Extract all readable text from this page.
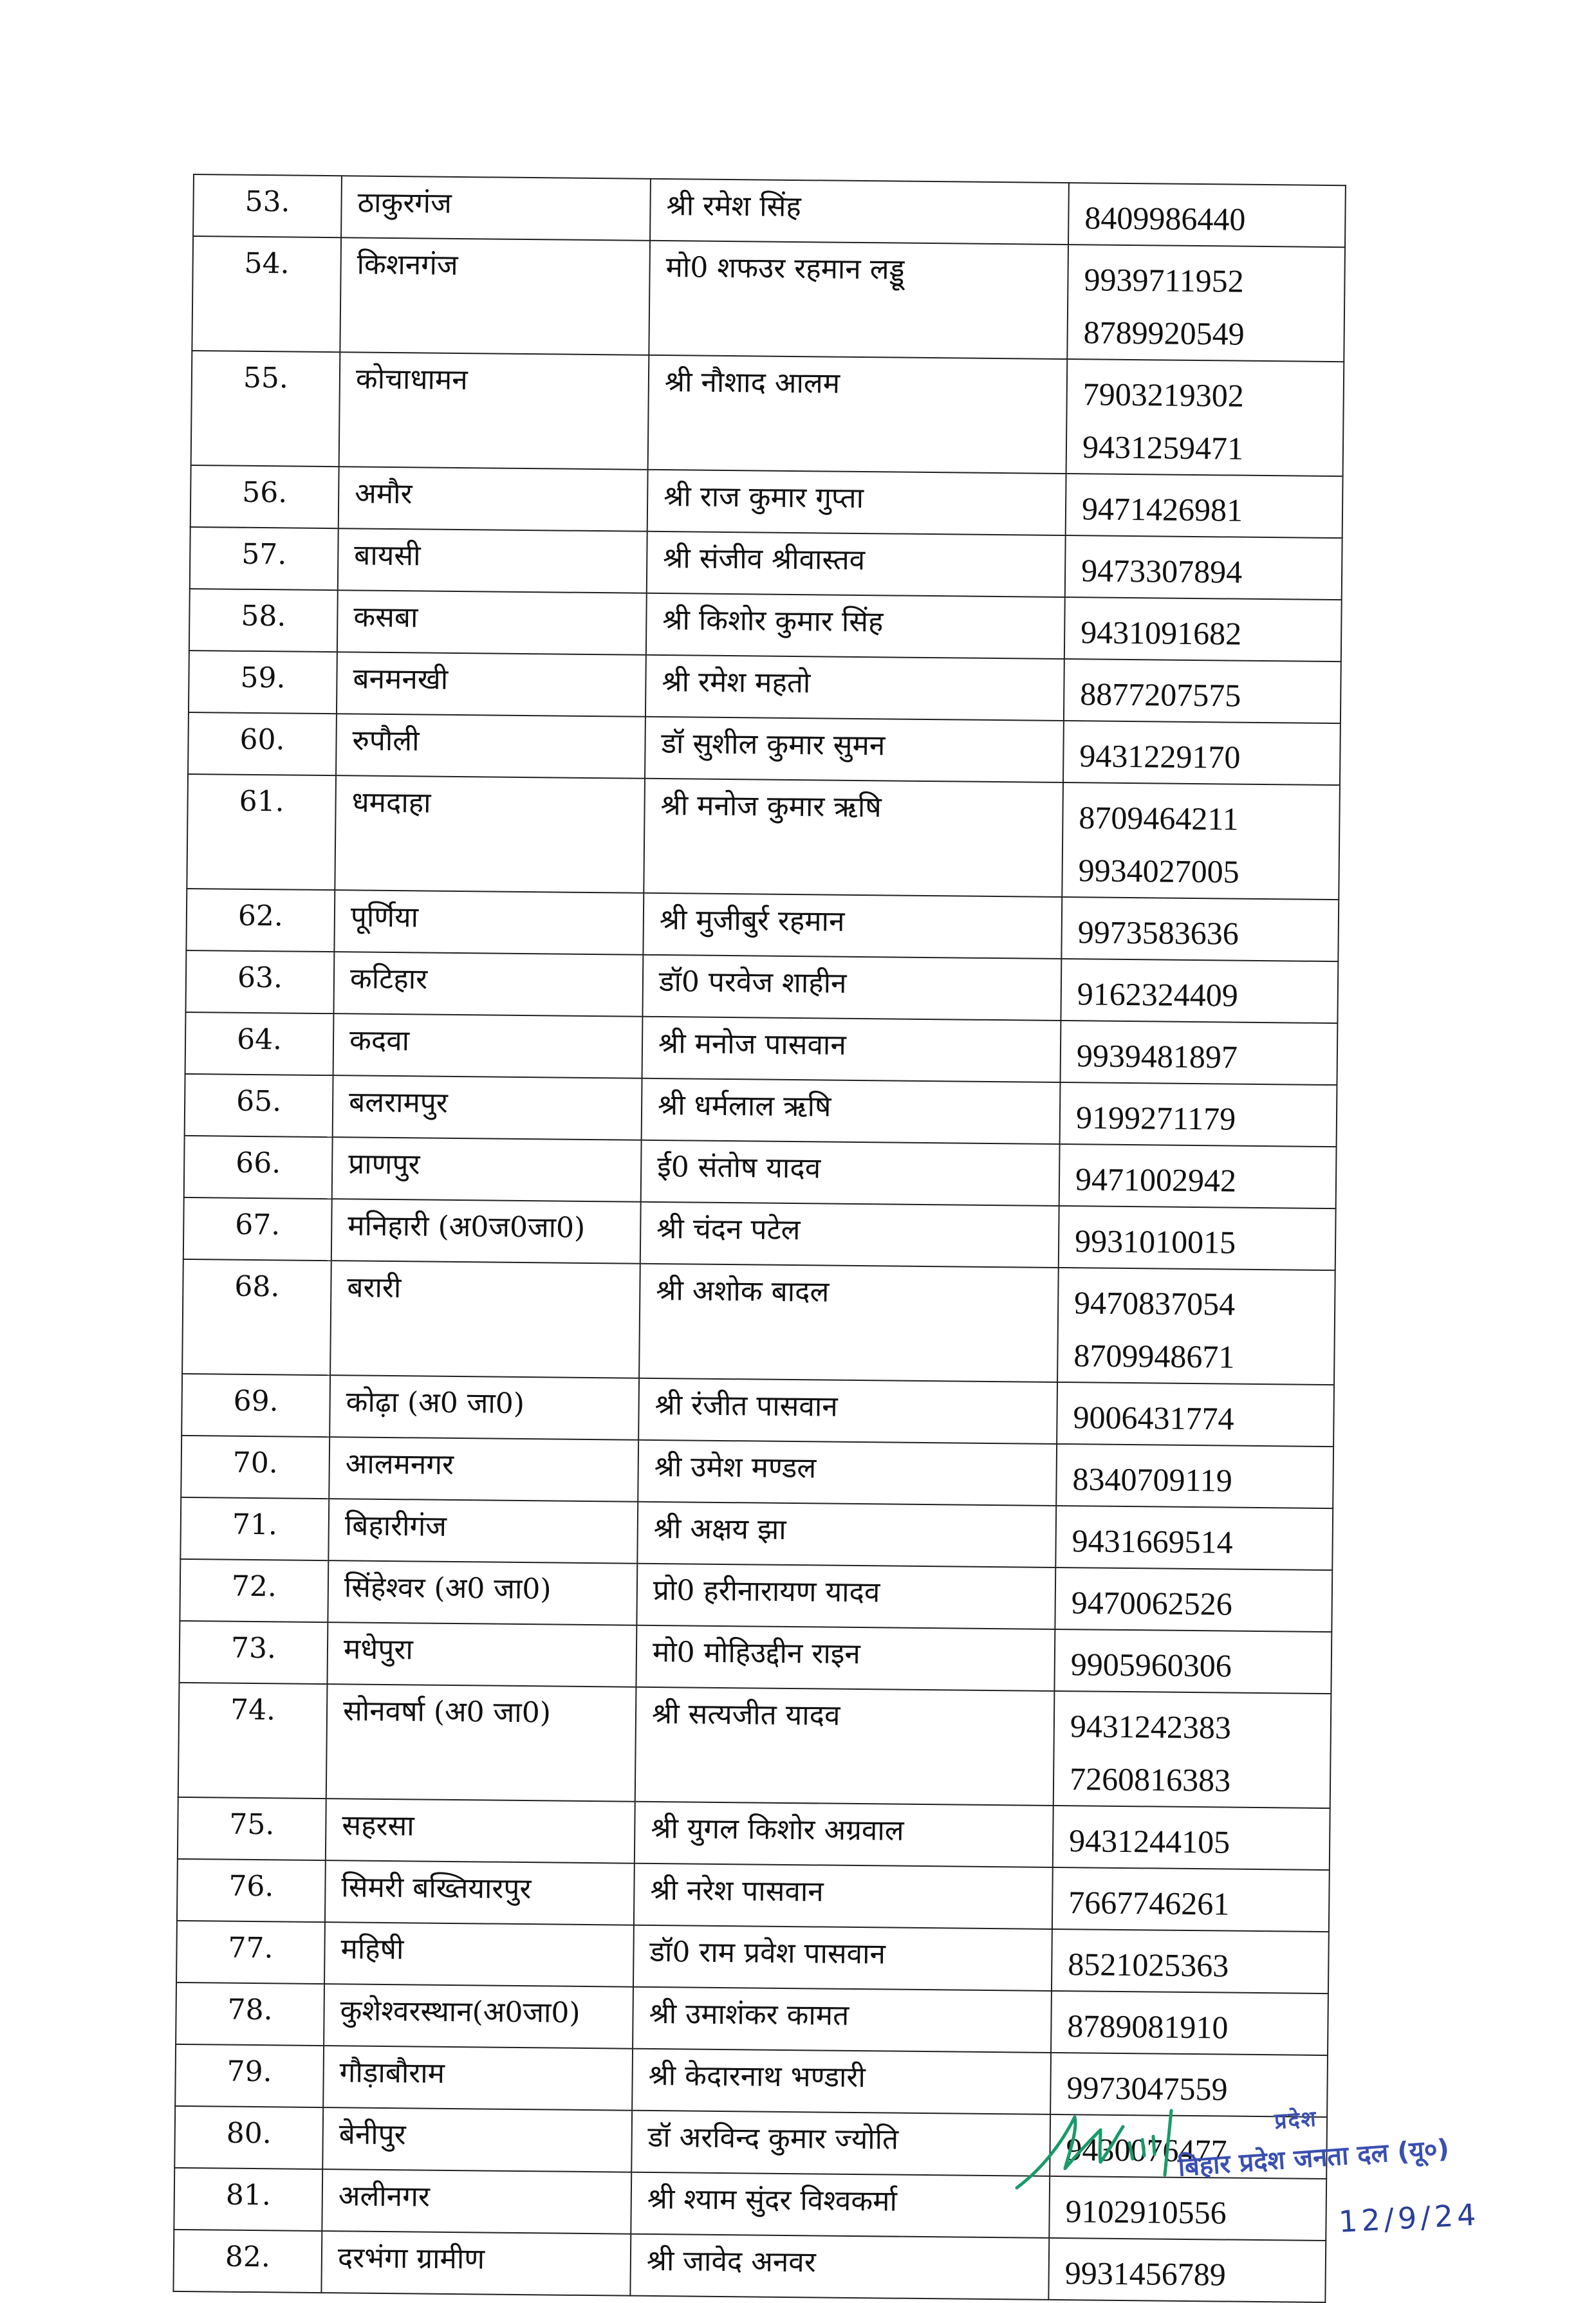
53.	ठाकुरगंज	श्री रमेश सिंह	8409986440

54.	किशनगंज	मो0 शफउर रहमान लड्डू	9939711952
8789920549

55.	कोचाधामन	श्री नौशाद आलम	7903219302
9431259471

56.	अमौर	श्री राज कुमार गुप्ता	9471426981

57.	बायसी	श्री संजीव श्रीवास्तव	9473307894

58.	कसबा	श्री किशोर कुमार सिंह	9431091682

59.	बनमनखी	श्री रमेश महतो	8877207575

60.	रुपौली	डॉ सुशील कुमार सुमन	9431229170

61.	धमदाहा	श्री मनोज कुमार ऋषि	8709464211
9934027005

62.	पूर्णिया	श्री मुजीबुर्र रहमान	9973583636

63.	कटिहार	डॉ0 परवेज शाहीन	9162324409

64.	कदवा	श्री मनोज पासवान	9939481897

65.	बलरामपुर	श्री धर्मलाल ऋषि	9199271179

66.	प्राणपुर	ई0 संतोष यादव	9471002942

67.	मनिहारी (अ0ज0जा0)	श्री चंदन पटेल	9931010015

68.	बरारी	श्री अशोक बादल	9470837054
8709948671

69.	कोढ़ा (अ0 जा0)	श्री रंजीत पासवान	9006431774

70.	आलमनगर	श्री उमेश मण्डल	8340709119

71.	बिहारीगंज	श्री अक्षय झा	9431669514

72.	सिंहेश्वर (अ0 जा0)	प्रो0 हरीनारायण यादव	9470062526

73.	मधेपुरा	मो0 मोहिउद्दीन राइन	9905960306

74.	सोनवर्षा (अ0 जा0)	श्री सत्यजीत यादव	9431242383
7260816383

75.	सहरसा	श्री युगल किशोर अग्रवाल	9431244105

76.	सिमरी बख्तियारपुर	श्री नरेश पासवान	7667746261

77.	महिषी	डॉ0 राम प्रवेश पासवान	8521025363

78.	कुशेश्वरस्थान(अ0जा0)	श्री उमाशंकर कामत	8789081910

79.	गौड़ाबौराम	श्री केदारनाथ भण्डारी	9973047559

80.	बेनीपुर	डॉ अरविन्द कुमार ज्योति	9430076477

81.	अलीनगर	श्री श्याम सुंदर विश्वकर्मा	9102910556

82.	दरभंगा ग्रामीण	श्री जावेद अनवर	9931456789
प्रदेश
बिहार प्रदेश जनता दल (यू०)
12/9/24
